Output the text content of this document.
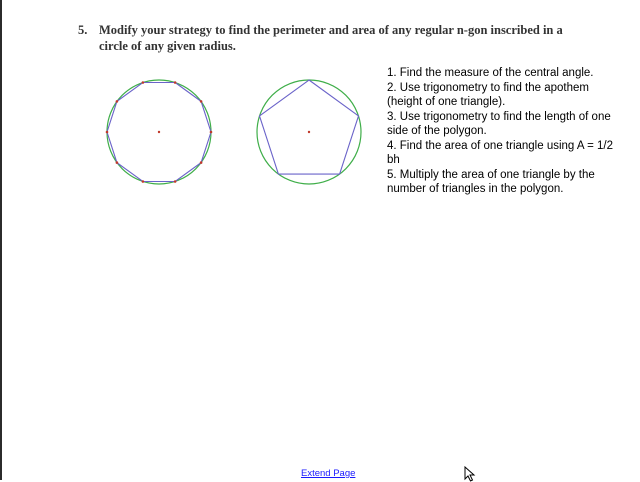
5. Modify your strategy to find the perimeter and area of any regular n-gon inscribed in a circle of any given radius.
1. Find the measure of the central angle.
2. Use trigonometry to find the apothem (height of one triangle).
3. Use trigonometry to find the length of one side of the polygon.
4. Find the area of one triangle using A = 1/2 bh
5. Multiply the area of one triangle by the number of triangles in the polygon.
Extend Page
